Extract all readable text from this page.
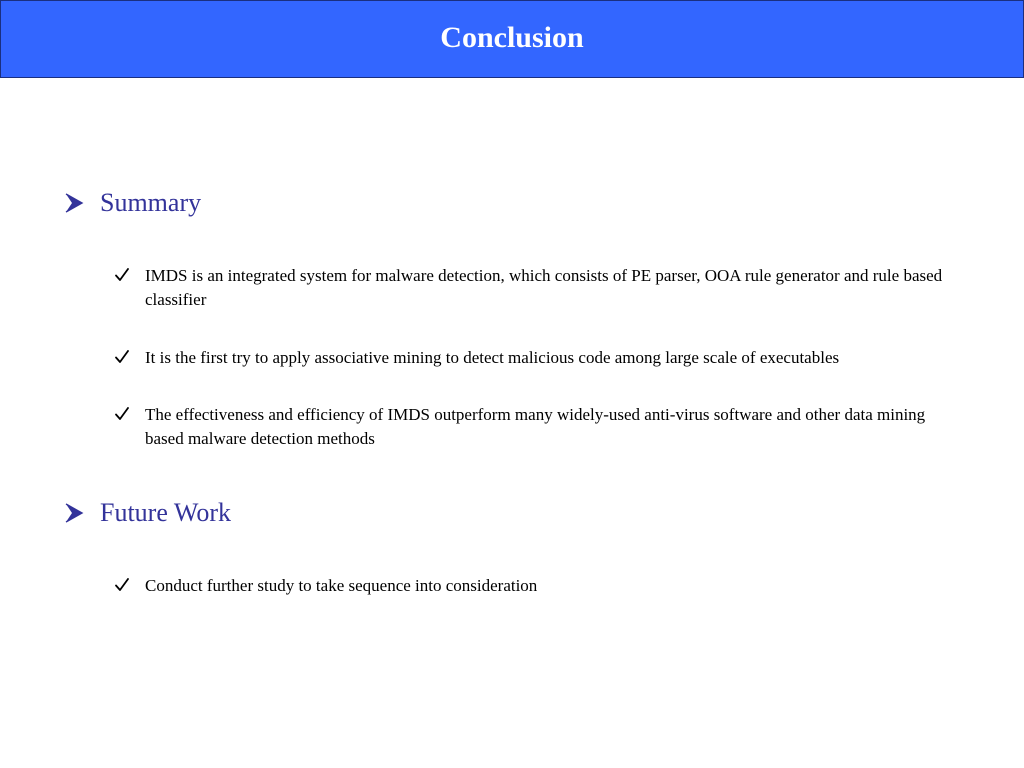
Conclusion
Summary
IMDS is an integrated system for malware detection, which consists of PE parser, OOA rule generator and rule based classifier
It is the first try to apply associative mining to detect malicious code among large scale of executables
The effectiveness and efficiency of IMDS outperform many widely-used anti-virus software and other data mining based malware detection methods
Future Work
Conduct further study to take sequence into consideration
